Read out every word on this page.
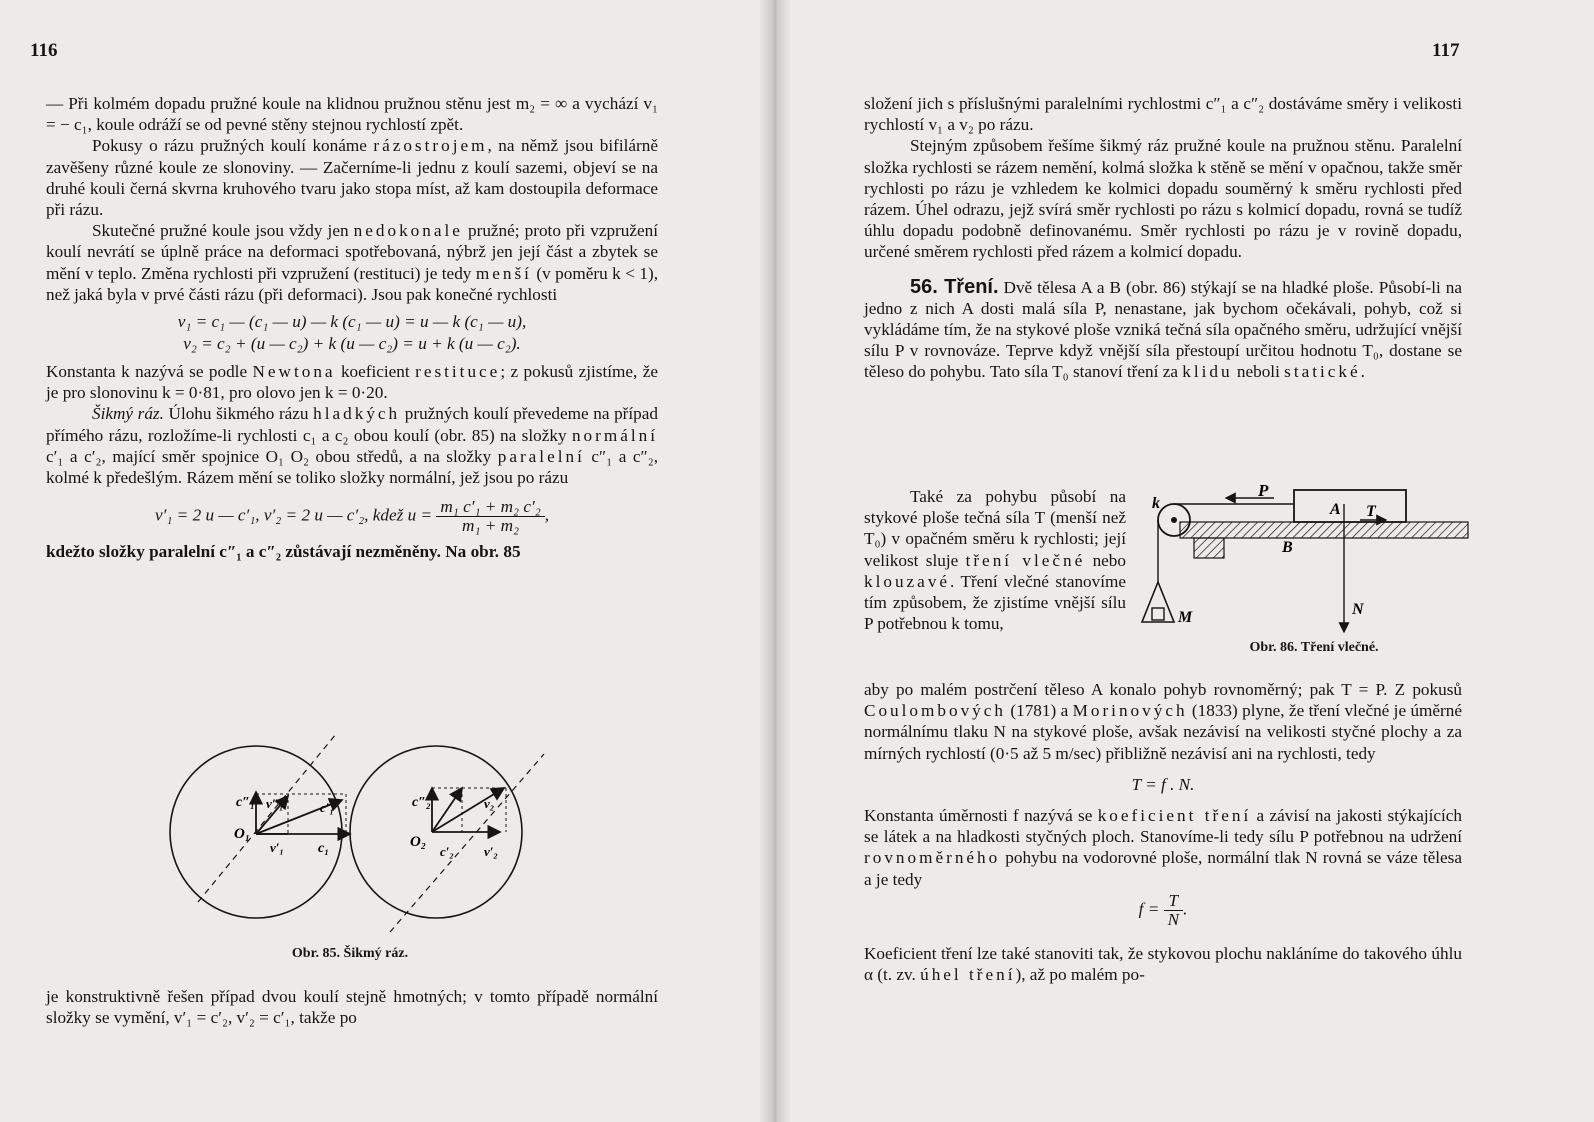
116

— Při kolmém dopadu pružné koule na klidnou pružnou stěnu jest m₂ = ∞ a vychází v₁ = − c₁, koule odráží se od pevné stěny stejnou rychlostí zpět.

Pokusy o rázu pružných koulí konáme rázostrojem, na němž jsou bifilárně zavěšeny různé koule ze slonoviny. — Začerníme-li jednu z koulí sazemi, objeví se na druhé kouli černá skvrna kruhového tvaru jako stopa míst, až kam dostoupila deformace při rázu.

Skutečné pružné koule jsou vždy jen nedokonale pružné; proto při vzpružení koulí nevrátí se úplně práce na deformaci spotřebovaná, nýbrž jen její část a zbytek se mění v teplo. Změna rychlosti při vzpružení (restituci) je tedy menší (v poměru k < 1), než jaká byla v prvé části rázu (při deformaci). Jsou pak konečné rychlosti

v₁ = c₁ — (c₁ — u) — k (c₁ — u) = u — k (c₁ — u),
v₂ = c₂ + (u — c₂) + k (u — c₂) = u + k (u — c₂).

Konstanta k nazývá se podle Newtona koeficient restituce; z pokusů zjistíme, že je pro slonovinu k = 0·81, pro olovo jen k = 0·20.

Šikmý ráz. Úlohu šikmého rázu hladkých pružných koulí převedeme na případ přímého rázu, rozložíme-li rychlosti c₁ a c₂ obou koulí (obr. 85) na složky normální c′₁ a c′₂, mající směr spojnice O₁ O₂ obou středů, a na složky paralelní c″₁ a c″₂, kolmé k předešlým. Rázem mění se toliko složky normální, jež jsou po rázu

v′₁ = 2 u — c′₁, v′₂ = 2 u — c′₂, kdež $u = \frac{\text{m₁ c′₁ + m₂ c′₂}}{\text{m₁ + m₂}}$ ,

kdežto složky paralelní c″₁ a c″₂ zůstávají nezměněny. Na obr. 85

c″₁ v″₁	c′₁
v′₁ c₁
O₁
c″₂	v₂
O₂
c′₂ v′₂
Obr. 85. Šikmý ráz.

je konstruktivně řešen případ dvou koulí stejně hmotných; v tomto případě normální složky se vymění, v′₁ = c′₂, v′₂ = c′₁, takže po

117

složení jich s příslušnými paralelními rychlostmi c″₁ a c″₂ dostáváme směry i velikosti rychlostí v₁ a v₂ po rázu.

Stejným způsobem řešíme šikmý ráz pružné koule na pružnou stěnu. Paralelní složka rychlosti se rázem nemění, kolmá složka k stěně se mění v opačnou, takže směr rychlosti po rázu je vzhledem ke kolmici dopadu souměrný k směru rychlosti před rázem. Úhel odrazu, jejž svírá směr rychlosti po rázu s kolmicí dopadu, rovná se tudíž úhlu dopadu podobně definovanému. Směr rychlosti po rázu je v rovině dopadu, určené směrem rychlosti před rázem a kolmicí dopadu.

56. Tření. Dvě tělesa A a B (obr. 86) stýkají se na hladké ploše. Působí-li na jedno z nich A dosti malá síla P, nenastane, jak bychom očekávali, pohyb, což si vykládáme tím, že na stykové ploše vzniká tečná síla opačného směru, udržující vnější sílu P v rovnováze. Teprve když vnější síla přestoupí určitou hodnotu T₀, dostane se těleso do pohybu. Tato síla T₀ stanoví tření za klidu neboli statické.

Také za pohybu působí na stykové ploše tečná síla T (menší než T₀) v opačném směru k rychlosti; její velikost sluje tření vlečné nebo klouzavé. Tření vlečné stanovíme tím způsobem, že zjistíme vnější sílu P potřebnou k tomu,

P
A T
k
B
N
M
Obr. 86. Tření vlečné.

aby po malém postrčení těleso A konalo pohyb rovnoměrný; pak T = P. Z pokusů Coulombových (1781) a Morinových (1833) plyne, že tření vlečné je úměrné normálnímu tlaku N na stykové ploše, avšak nezávisí na velikosti styčné plochy a za mírných rychlostí (0·5 až 5 m/sec) přibližně nezávisí ani na rychlosti, tedy

T = f . N.

Konstanta úměrnosti f nazývá se koeficient tření a závisí na jakosti stýkajících se látek a na hladkosti styčných ploch. Stanovíme-li tedy sílu P potřebnou na udržení rovnoměrného pohybu na vodorovné ploše, normální tlak N rovná se váze tělesa a je tedy

$f = \frac{T}{N}$ .

Koeficient tření lze také stanoviti tak, že stykovou plochu nakláníme do takového úhlu α (t. zv. úhel tření), až po malém po-
